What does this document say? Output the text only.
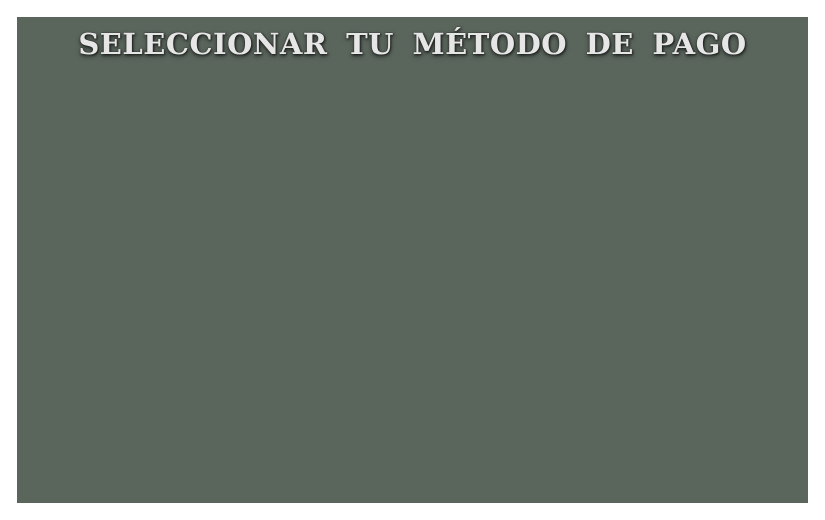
SELECCIONAR TU MÉTODO DE PAGO
